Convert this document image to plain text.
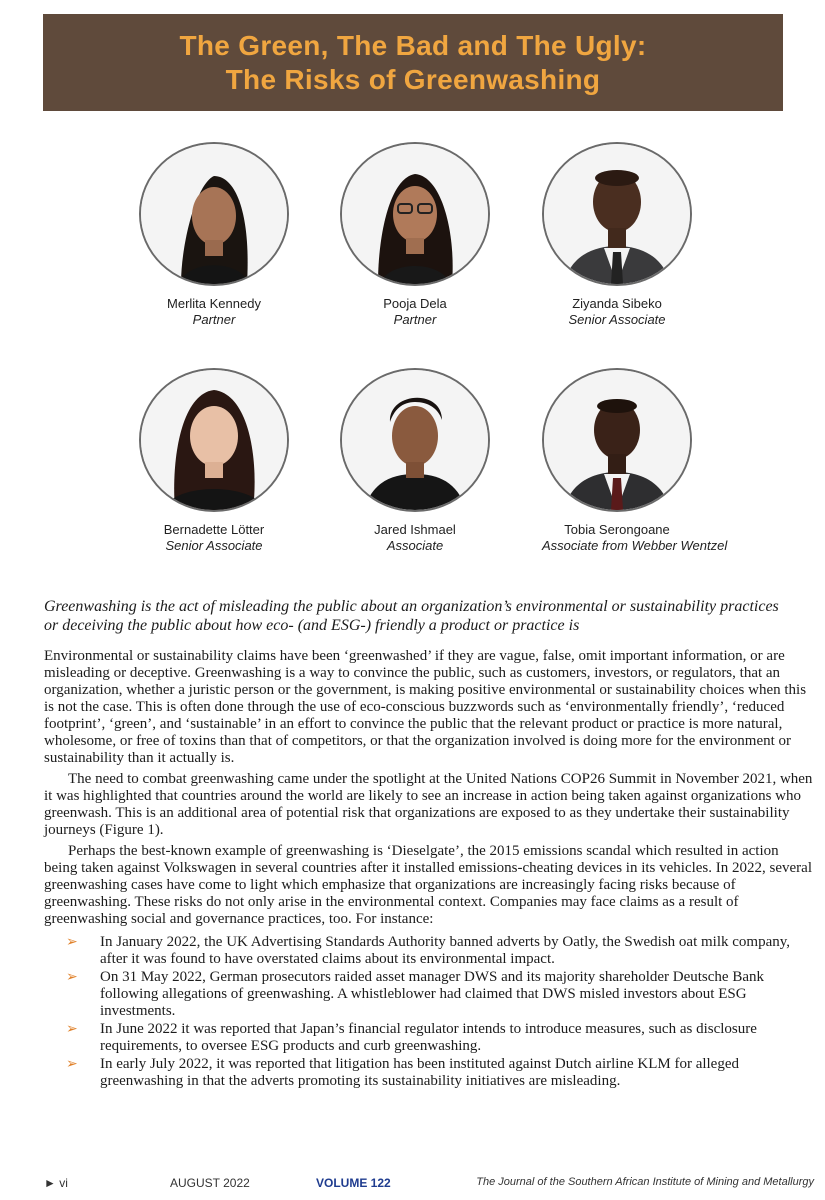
The Green, The Bad and The Ugly:
The Risks of Greenwashing
Merlita Kennedy
Partner
Pooja Dela
Partner
Ziyanda Sibeko
Senior Associate
Bernadette Lötter
Senior Associate
Jared Ishmael
Associate
Tobia Serongoane
Associate from Webber Wentzel

Greenwashing is the act of misleading the public about an organization’s environmental or sustainability practices or deceiving the public about how eco- (and ESG-) friendly a product or practice is

Environmental or sustainability claims have been ‘greenwashed’ if they are vague, false, omit important information, or are misleading or deceptive. Greenwashing is a way to convince the public, such as customers, investors, or regulators, that an organization, whether a juristic person or the government, is making positive environmental or sustainability choices when this is not the case. This is often done through the use of eco-conscious buzzwords such as ‘environmentally friendly’, ‘reduced footprint’, ‘green’, and ‘sustainable’ in an effort to convince the public that the relevant product or practice is more natural, wholesome, or free of toxins than that of competitors, or that the organization involved is doing more for the environment or sustainability than it actually is.

The need to combat greenwashing came under the spotlight at the United Nations COP26 Summit in November 2021, when it was highlighted that countries around the world are likely to see an increase in action being taken against organizations who greenwash. This is an additional area of potential risk that organizations are exposed to as they undertake their sustainability journeys (Figure 1).

Perhaps the best-known example of greenwashing is ‘Dieselgate’, the 2015 emissions scandal which resulted in action being taken against Volkswagen in several countries after it installed emissions-cheating devices in its vehicles. In 2022, several greenwashing cases have come to light which emphasize that organizations are increasingly facing risks because of greenwashing. These risks do not only arise in the environmental context. Companies may face claims as a result of greenwashing social and governance practices, too. For instance:

➢ In January 2022, the UK Advertising Standards Authority banned adverts by Oatly, the Swedish oat milk company, after it was found to have overstated claims about its environmental impact.
➢ On 31 May 2022, German prosecutors raided asset manager DWS and its majority shareholder Deutsche Bank following allegations of greenwashing. A whistleblower had claimed that DWS misled investors about ESG investments.
➢ In June 2022 it was reported that Japan’s financial regulator intends to introduce measures, such as disclosure requirements, to oversee ESG products and curb greenwashing.
➢ In early July 2022, it was reported that litigation has been instituted against Dutch airline KLM for alleged greenwashing in that the adverts promoting its sustainability initiatives are misleading.
► vi	AUGUST 2022	VOLUME 122	The Journal of the Southern African Institute of Mining and Metallurgy
